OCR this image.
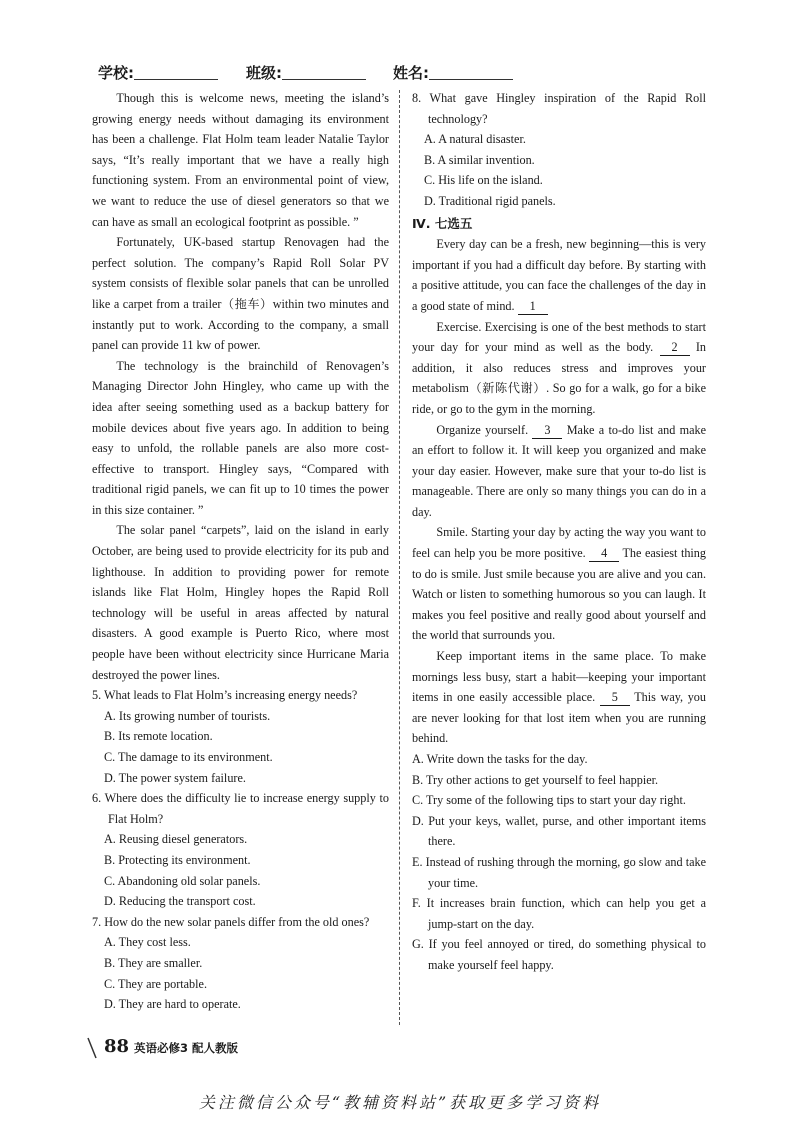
学校:	班级:	姓名:

Though this is welcome news, meeting the island’s growing energy needs without damaging its environment has been a challenge. Flat Holm team leader Natalie Taylor says, “It’s really important that we have a really high functioning system. From an environmental point of view, we want to reduce the use of diesel generators so that we can have as small an ecological footprint as possible. ”

Fortunately, UK-based startup Renovagen had the perfect solution. The company’s Rapid Roll Solar PV system consists of flexible solar panels that can be unrolled like a carpet from a trailer（拖车）within two minutes and instantly put to work. According to the company, a small panel can provide 11 kw of power.

The technology is the brainchild of Renovagen’s Managing Director John Hingley, who came up with the idea after seeing something used as a backup battery for mobile devices about five years ago. In addition to being easy to unfold, the rollable panels are also more cost-effective to transport. Hingley says, “Compared with traditional rigid panels, we can fit up to 10 times the power in this size container. ”

The solar panel “carpets”, laid on the island in early October, are being used to provide electricity for its pub and lighthouse. In addition to providing power for remote islands like Flat Holm, Hingley hopes the Rapid Roll technology will be useful in areas affected by natural disasters. A good example is Puerto Rico, where most people have been without electricity since Hurricane Maria destroyed the power lines.

5. What leads to Flat Holm’s increasing energy needs?
A. Its growing number of tourists.
B. Its remote location.
C. The damage to its environment.
D. The power system failure.
6. Where does the difficulty lie to increase energy supply to Flat Holm?
A. Reusing diesel generators.
B. Protecting its environment.
C. Abandoning old solar panels.
D. Reducing the transport cost.
7. How do the new solar panels differ from the old ones?
A. They cost less.
B. They are smaller.
C. They are portable.
D. They are hard to operate.
8. What gave Hingley inspiration of the Rapid Roll technology?
A. A natural disaster.
B. A similar invention.
C. His life on the island.
D. Traditional rigid panels.
Ⅳ. 七选五

Every day can be a fresh, new beginning—this is very important if you had a difficult day before. By starting with a positive attitude, you can face the challenges of the day in a good state of mind. 1

Exercise. Exercising is one of the best methods to start your day for your mind as well as the body. 2 In addition, it also reduces stress and improves your metabolism（新陈代谢）. So go for a walk, go for a bike ride, or go to the gym in the morning.

Organize yourself. 3 Make a to-do list and make an effort to follow it. It will keep you organized and make your day easier. However, make sure that your to-do list is manageable. There are only so many things you can do in a day.

Smile. Starting your day by acting the way you want to feel can help you be more positive. 4 The easiest thing to do is smile. Just smile because you are alive and you can. Watch or listen to something humorous so you can laugh. It makes you feel positive and really good about yourself and the world that surrounds you.

Keep important items in the same place. To make mornings less busy, start a habit—keeping your important items in one easily accessible place. 5 This way, you are never looking for that lost item when you are running behind.

A. Write down the tasks for the day.
B. Try other actions to get yourself to feel happier.
C. Try some of the following tips to start your day right.
D. Put your keys, wallet, purse, and other important items there.
E. Instead of rushing through the morning, go slow and take your time.
F. It increases brain function, which can help you get a jump-start on the day.
G. If you feel annoyed or tired, do something physical to make yourself feel happy.
88 英语必修3 配人教版
关注微信公众号“教辅资料站”获取更多学习资料
